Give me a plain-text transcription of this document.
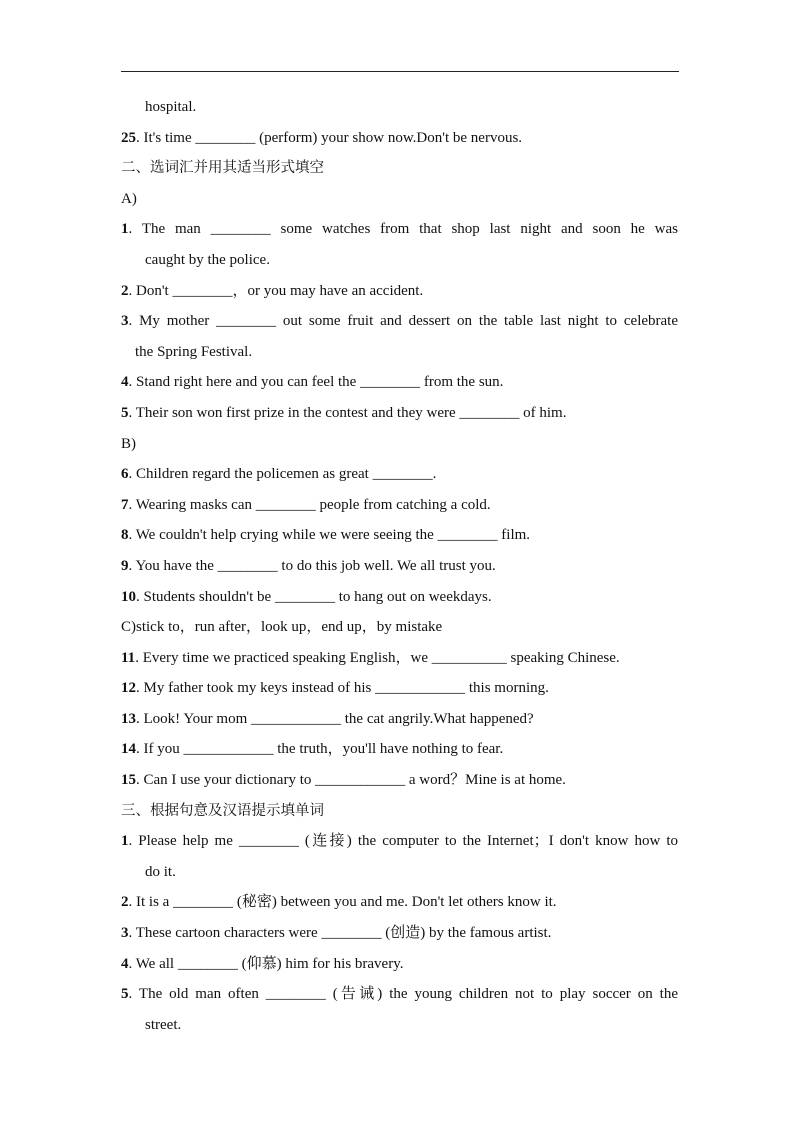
hospital.
25. It's time ________ (perform) your show now.Don't be nervous.
二、选词汇并用其适当形式填空
A)
1. The man ________ some watches from that shop last night and soon he was
caught by the police.
2. Don't ________，or you may have an accident.
3. My mother ________ out some fruit and dessert on the table last night to celebrate
the Spring Festival.
4. Stand right here and you can feel the ________ from the sun.
5. Their son won first prize in the contest and they were ________ of him.
B)
6. Children regard the policemen as great ________.
7. Wearing masks can ________ people from catching a cold.
8. We couldn't help crying while we were seeing the ________ film.
9. You have the ________ to do this job well. We all trust you.
10. Students shouldn't be ________ to hang out on weekdays.
C)stick to，run after，look up，end up，by mistake
11. Every time we practiced speaking English，we __________ speaking Chinese.
12. My father took my keys instead of his ____________ this morning.
13. Look! Your mom ____________ the cat angrily.What happened?
14. If you ____________ the truth，you'll have nothing to fear.
15. Can I use your dictionary to ____________ a word？Mine is at home.
三、根据句意及汉语提示填单词
1. Please help me ________ (连接) the computer to the Internet；I don't know how to
do it.
2. It is a ________ (秘密) between you and me. Don't let others know it.
3. These cartoon characters were ________ (创造) by the famous artist.
4. We all ________ (仰慕) him for his bravery.
5. The old man often ________ (告诫) the young children not to play soccer on the
street.
